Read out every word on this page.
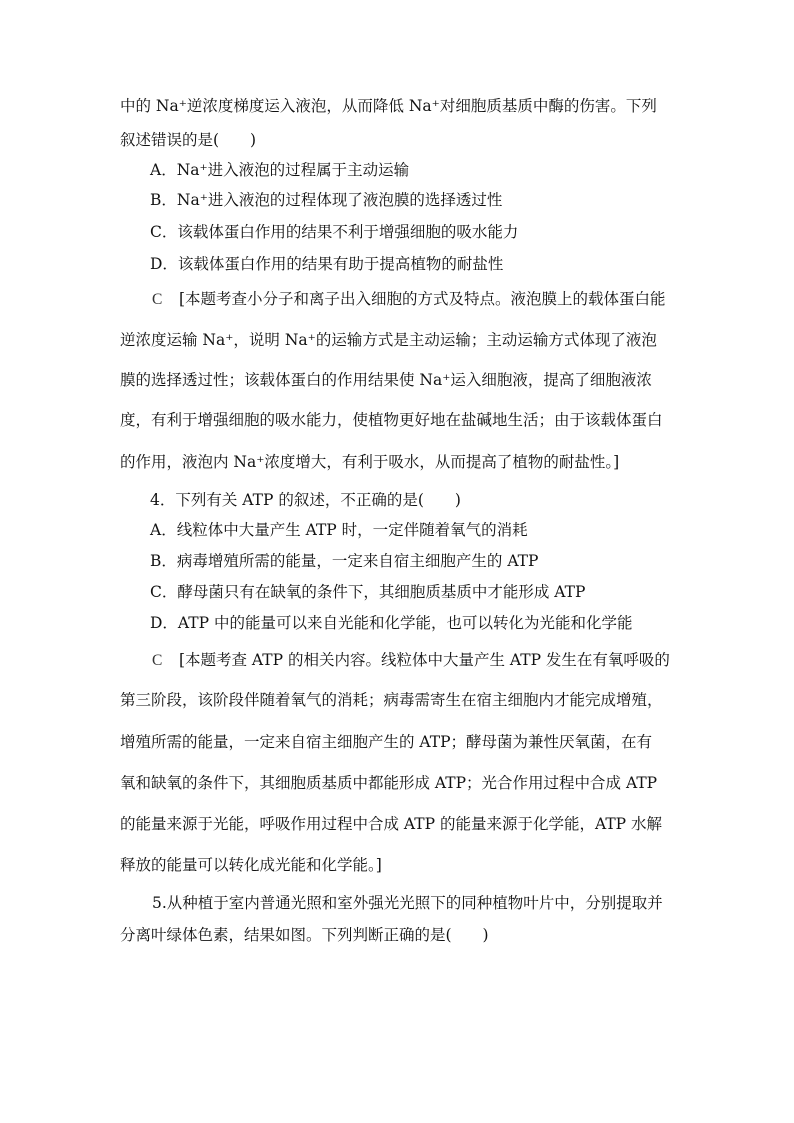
中的 Na⁺逆浓度梯度运入液泡，从而降低 Na⁺对细胞质基质中酶的伤害。下列
叙述错误的是(　　)
A．Na⁺进入液泡的过程属于主动运输
B．Na⁺进入液泡的过程体现了液泡膜的选择透过性
C．该载体蛋白作用的结果不利于增强细胞的吸水能力
D．该载体蛋白作用的结果有助于提高植物的耐盐性
C [本题考查小分子和离子出入细胞的方式及特点。液泡膜上的载体蛋白能
逆浓度运输 Na⁺，说明 Na⁺的运输方式是主动运输；主动运输方式体现了液泡
膜的选择透过性；该载体蛋白的作用结果使 Na⁺运入细胞液，提高了细胞液浓
度，有利于增强细胞的吸水能力，使植物更好地在盐碱地生活；由于该载体蛋白
的作用，液泡内 Na⁺浓度增大，有利于吸水，从而提高了植物的耐盐性。]
4．下列有关 ATP 的叙述，不正确的是(　　)
A．线粒体中大量产生 ATP 时，一定伴随着氧气的消耗
B．病毒增殖所需的能量，一定来自宿主细胞产生的 ATP
C．酵母菌只有在缺氧的条件下，其细胞质基质中才能形成 ATP
D．ATP 中的能量可以来自光能和化学能，也可以转化为光能和化学能
C [本题考查 ATP 的相关内容。线粒体中大量产生 ATP 发生在有氧呼吸的
第三阶段，该阶段伴随着氧气的消耗；病毒需寄生在宿主细胞内才能完成增殖，
增殖所需的能量，一定来自宿主细胞产生的 ATP；酵母菌为兼性厌氧菌，在有
氧和缺氧的条件下，其细胞质基质中都能形成 ATP；光合作用过程中合成 ATP
的能量来源于光能，呼吸作用过程中合成 ATP 的能量来源于化学能，ATP 水解
释放的能量可以转化成光能和化学能。]
5.从种植于室内普通光照和室外强光光照下的同种植物叶片中，分别提取并
分离叶绿体色素，结果如图。下列判断正确的是(　　)
